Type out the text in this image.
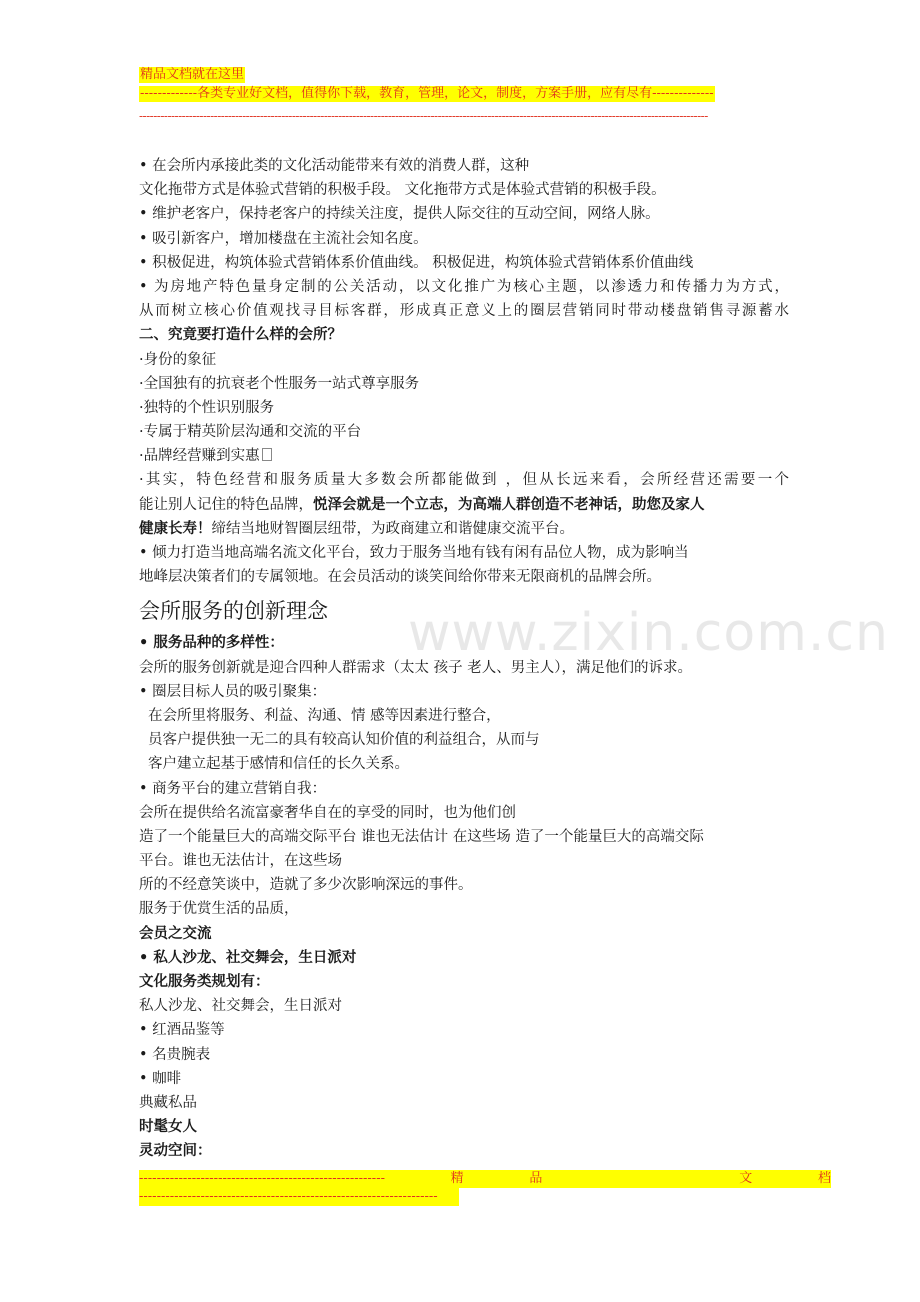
精品文档就在这里
-------------各类专业好文档，值得你下载，教育，管理，论文，制度，方案手册，应有尽有--------------
----------------------------------------------------------------------------------------------------------------------------------------------------------------
www.zixin.com.cn
• 在会所内承接此类的文化活动能带来有效的消费人群，这种
文化拖带方式是体验式营销的积极手段。 文化拖带方式是体验式营销的积极手段。
• 维护老客户，保持老客户的持续关注度，提供人际交往的互动空间，网络人脉。
• 吸引新客户，增加楼盘在主流社会知名度。
• 积极促进，构筑体验式营销体系价值曲线。 积极促进，构筑体验式营销体系价值曲线
• 为房地产特色量身定制的公关活动，以文化推广为核心主题，以渗透力和传播力为方式，
从而树立核心价值观找寻目标客群，形成真正意义上的圈层营销同时带动楼盘销售寻源蓄水
二、究竟要打造什么样的会所？
·身份的象征
·全国独有的抗衰老个性服务一站式尊享服务
·独特的个性识别服务
·专属于精英阶层沟通和交流的平台
·品牌经营赚到实惠
·其实，特色经营和服务质量大多数会所都能做到 ，但从长远来看，会所经营还需要一个
能让别人记住的特色品牌，悦泽会就是一个立志，为高端人群创造不老神话，助您及家人
健康长寿！缔结当地财智圈层纽带，为政商建立和谐健康交流平台。
• 倾力打造当地高端名流文化平台，致力于服务当地有钱有闲有品位人物，成为影响当
地峰层决策者们的专属领地。在会员活动的谈笑间给你带来无限商机的品牌会所。
会所服务的创新理念
• 服务品种的多样性：
会所的服务创新就是迎合四种人群需求（太太 孩子 老人、男主人），满足他们的诉求。
• 圈层目标人员的吸引聚集：
在会所里将服务、利益、沟通、情 感等因素进行整合，
员客户提供独一无二的具有较高认知价值的利益组合，从而与
客户建立起基于感情和信任的长久关系。
• 商务平台的建立营销自我：
会所在提供给名流富豪奢华自在的享受的同时，也为他们创
造了一个能量巨大的高端交际平台 谁也无法估计 在这些场 造了一个能量巨大的高端交际
平台。谁也无法估计，在这些场
所的不经意笑谈中，造就了多少次影响深远的事件。
服务于优赏生活的品质，
会员之交流
• 私人沙龙、社交舞会，生日派对
文化服务类规划有：
私人沙龙、社交舞会，生日派对
• 红酒品鉴等
• 名贵腕表
• 咖啡
典藏私品
时髦女人
灵动空间：
--------------------------------------------------------	精	品	文	档
--------------------------------------------------------------------
